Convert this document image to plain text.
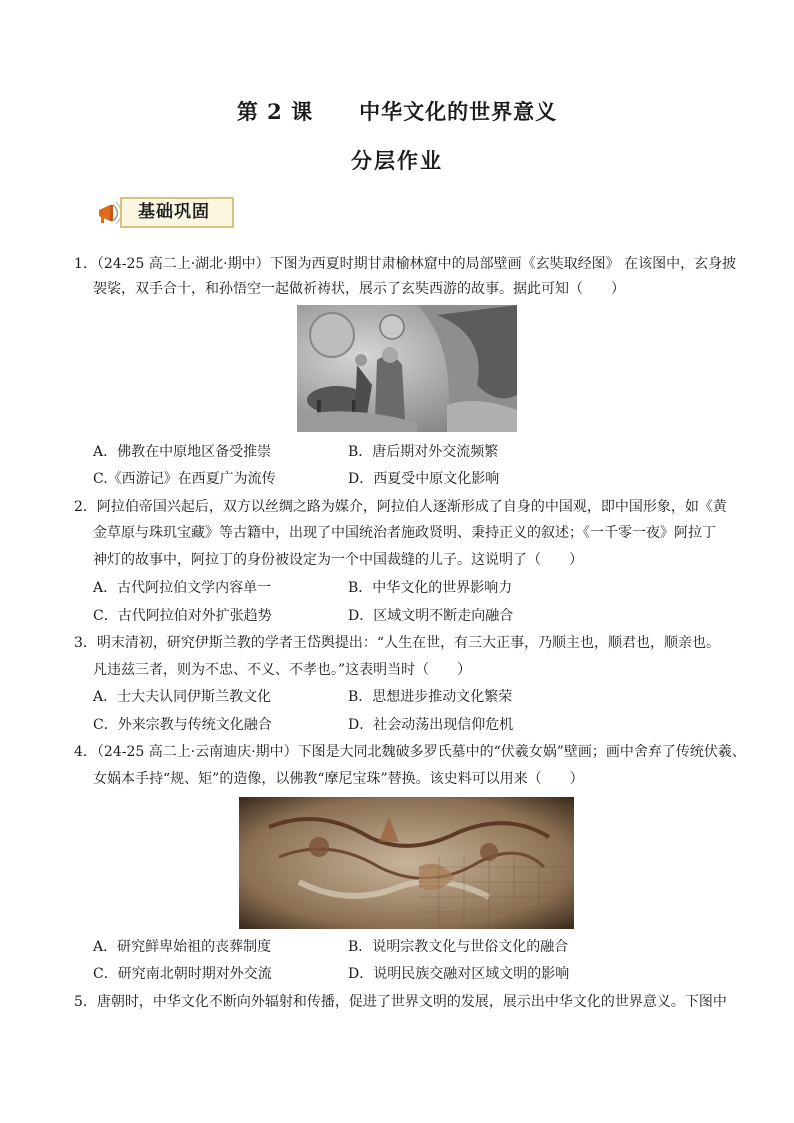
第 2 课 中华文化的世界意义
分层作业
基础巩固
1．（24-25 高二上·湖北·期中）下图为西夏时期甘肃榆林窟中的局部壁画《玄奘取经图》 在该图中，玄身披
袈裟，双手合十，和孙悟空一起做祈祷状，展示了玄奘西游的故事。据此可知（　　）
A．佛教在中原地区备受推崇	B．唐后期对外交流频繁
C.《西游记》在西夏广为流传	D．西夏受中原文化影响
2．阿拉伯帝国兴起后，双方以丝绸之路为媒介，阿拉伯人逐渐形成了自身的中国观，即中国形象，如《黄
金草原与珠玑宝藏》等古籍中，出现了中国统治者施政贤明、秉持正义的叙述；《一千零一夜》阿拉丁
神灯的故事中，阿拉丁的身份被设定为一个中国裁缝的儿子。这说明了（　　）
A．古代阿拉伯文学内容单一	B．中华文化的世界影响力
C．古代阿拉伯对外扩张趋势	D．区域文明不断走向融合
3．明末清初，研究伊斯兰教的学者王岱舆提出：“人生在世，有三大正事，乃顺主也，顺君也，顺亲也。
凡违兹三者，则为不忠、不义、不孝也。”这表明当时（　　）
A．士大夫认同伊斯兰教文化	B．思想进步推动文化繁荣
C．外来宗教与传统文化融合	D．社会动荡出现信仰危机
4．（24-25 高二上·云南迪庆·期中）下图是大同北魏破多罗氏墓中的“伏羲女娲”壁画；画中舍弃了传统伏羲、
女娲本手持“规、矩”的造像，以佛教“摩尼宝珠”替换。该史料可以用来（　　）
A．研究鲜卑始祖的丧葬制度	B．说明宗教文化与世俗文化的融合
C．研究南北朝时期对外交流	D．说明民族交融对区域文明的影响
5．唐朝时，中华文化不断向外辐射和传播，促进了世界文明的发展，展示出中华文化的世界意义。下图中
